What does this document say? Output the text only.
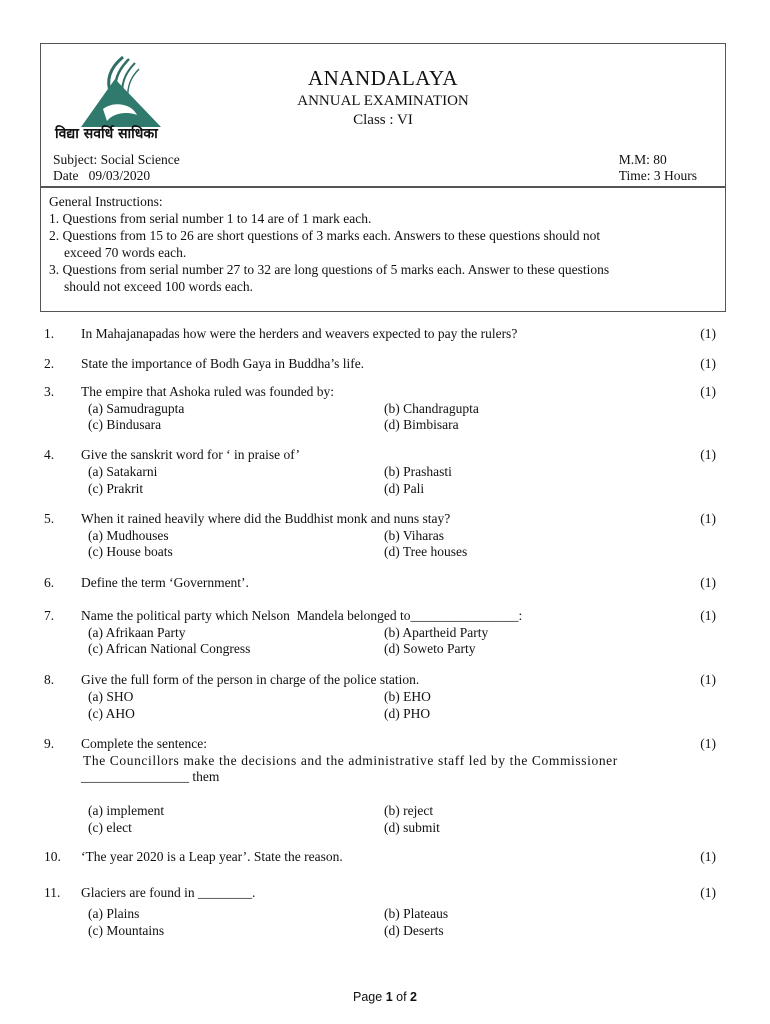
विद्या सवर्धि साधिका
ANANDALAYA
ANNUAL EXAMINATION
Class : VI
Subject: Social Science
Date   09/03/2020
M.M: 80
Time: 3 Hours

General Instructions:

1. Questions from serial number 1 to 14 are of 1 mark each.

2. Questions from 15 to 26 are short questions of 3 marks each. Answers to these questions should not

exceed 70 words each.

3. Questions from serial number 27 to 32 are long questions of 5 marks each. Answer to these questions

should not exceed 100 words each.

1.	In Mahajanapadas how were the herders and weavers expected to pay the rulers?	(1)
2.	State the importance of Bodh Gaya in Buddha’s life.	(1)
3.	The empire that Ashoka ruled was founded by:	(1)
(a) Samudragupta	(b) Chandragupta
(c) Bindusara	(d) Bimbisara
4.	Give the sanskrit word for ‘ in praise of’	(1)
(a) Satakarni	(b) Prashasti
(c) Prakrit	(d) Pali
5.	When it rained heavily where did the Buddhist monk and nuns stay?	(1)
(a) Mudhouses	(b) Viharas
(c) House boats	(d) Tree houses
6.	Define the term ‘Government’.	(1)
7.	Name the political party which Nelson  Mandela belonged to________________:	(1)
(a) Afrikaan Party	(b) Apartheid Party
(c) African National Congress	(d) Soweto Party
8.	Give the full form of the person in charge of the police station.	(1)
(a) SHO	(b) EHO
(c) AHO	(d) PHO
9.	Complete the sentence:	(1)
The Councillors make the decisions and the administrative staff led by the Commissioner
________________ them
(a) implement	(b) reject
(c) elect	(d) submit
10.	‘The year 2020 is a Leap year’. State the reason.	(1)
11.	Glaciers are found in ________.	(1)
(a) Plains	(b) Plateaus
(c) Mountains	(d) Deserts
Page 1 of 2
